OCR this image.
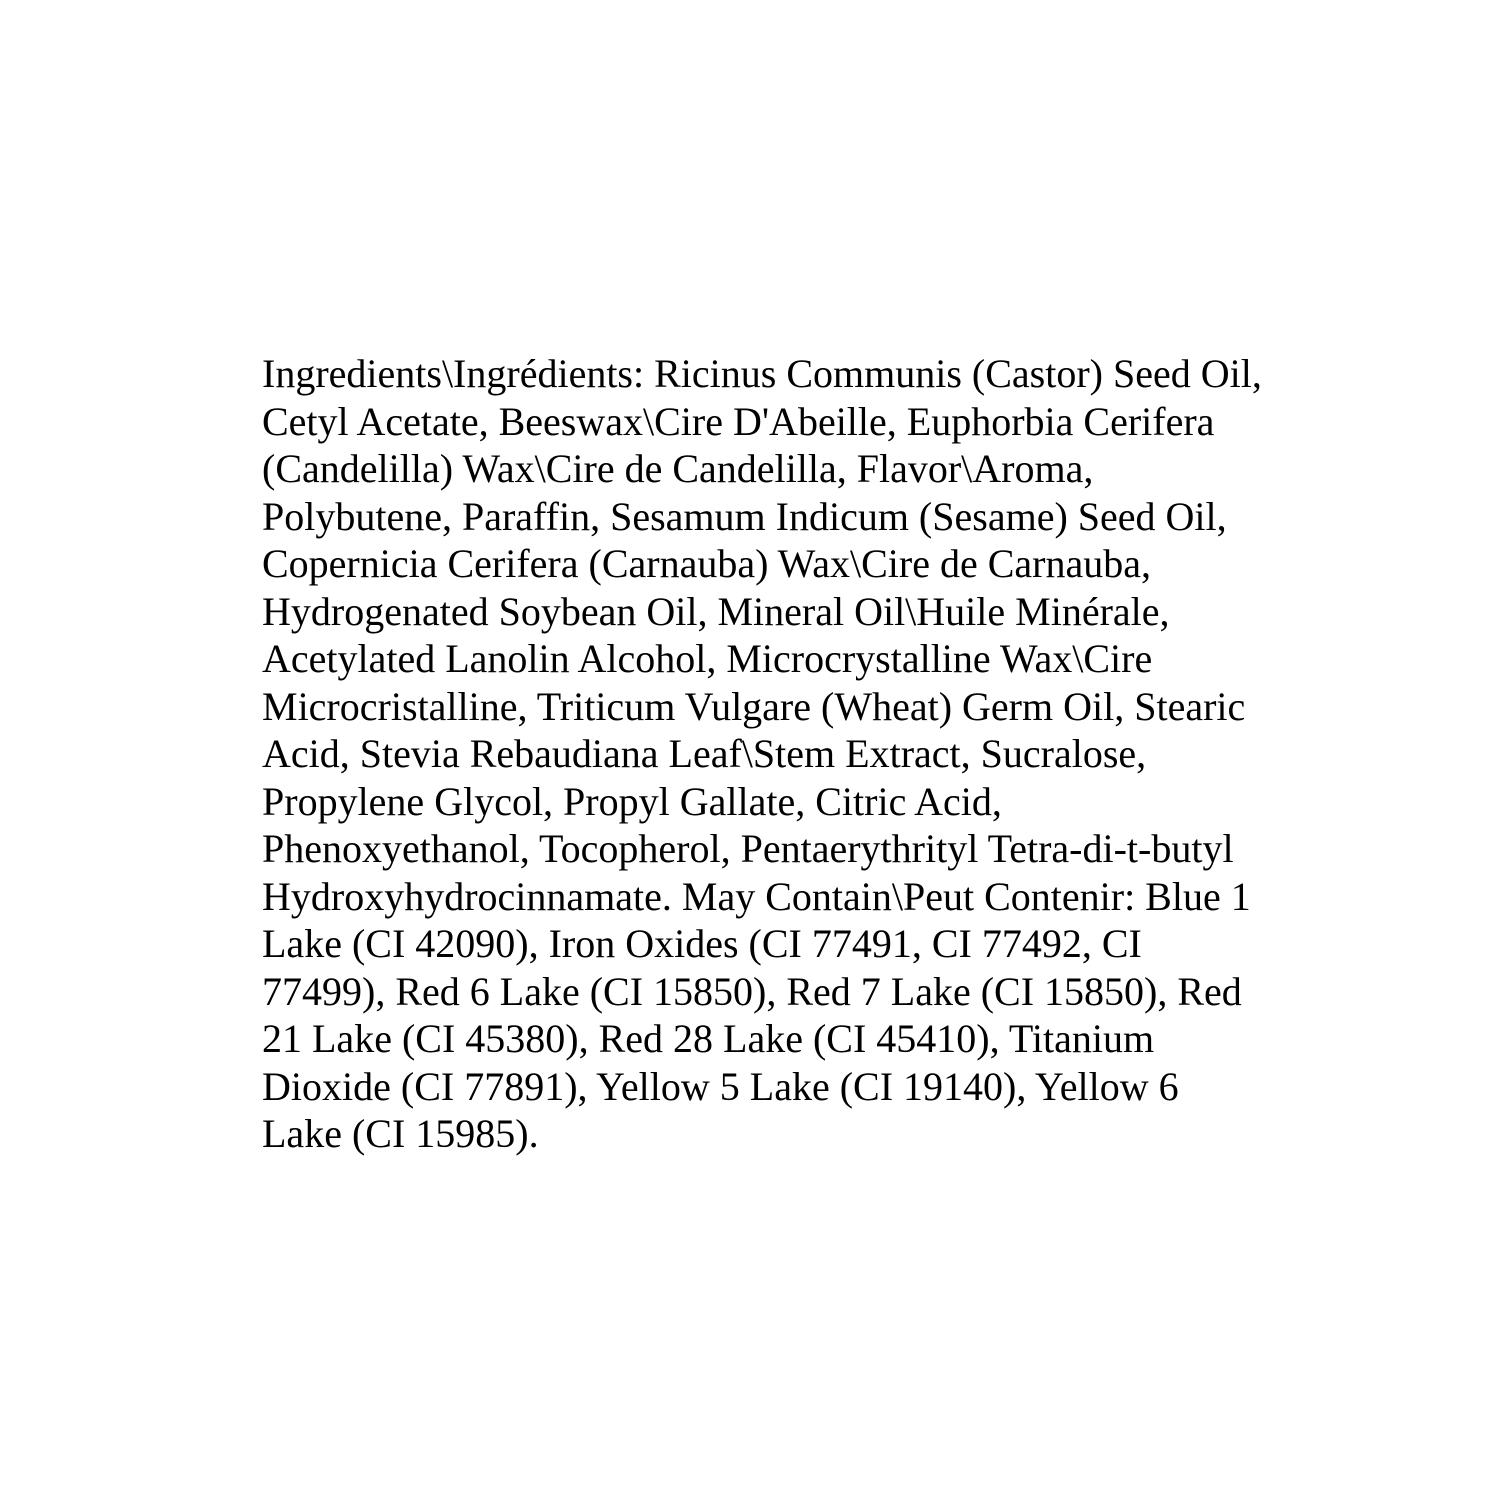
Ingredients\Ingrédients: Ricinus Communis (Castor) Seed Oil,
Cetyl Acetate, Beeswax\Cire D'Abeille, Euphorbia Cerifera
(Candelilla) Wax\Cire de Candelilla, Flavor\Aroma,
Polybutene, Paraffin, Sesamum Indicum (Sesame) Seed Oil,
Copernicia Cerifera (Carnauba) Wax\Cire de Carnauba,
Hydrogenated Soybean Oil, Mineral Oil\Huile Minérale,
Acetylated Lanolin Alcohol, Microcrystalline Wax\Cire
Microcristalline, Triticum Vulgare (Wheat) Germ Oil, Stearic
Acid, Stevia Rebaudiana Leaf\Stem Extract, Sucralose,
Propylene Glycol, Propyl Gallate, Citric Acid,
Phenoxyethanol, Tocopherol, Pentaerythrityl Tetra-di-t-butyl
Hydroxyhydrocinnamate. May Contain\Peut Contenir: Blue 1
Lake (CI 42090), Iron Oxides (CI 77491, CI 77492, CI
77499), Red 6 Lake (CI 15850), Red 7 Lake (CI 15850), Red
21 Lake (CI 45380), Red 28 Lake (CI 45410), Titanium
Dioxide (CI 77891), Yellow 5 Lake (CI 19140), Yellow 6
Lake (CI 15985).
